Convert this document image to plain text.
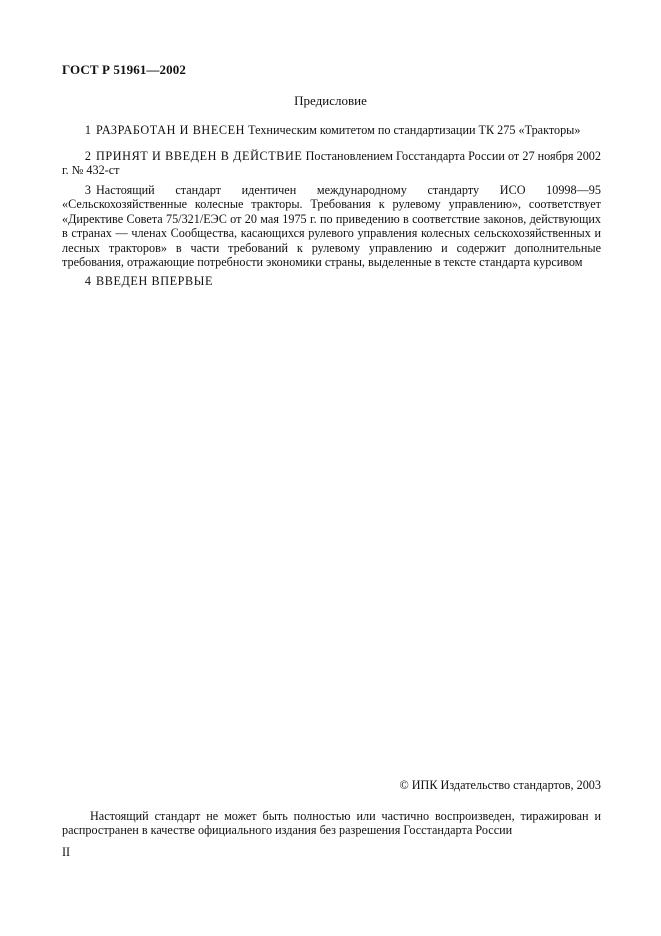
ГОСТ Р 51961—2002
Предисловие
1 РАЗРАБОТАН И ВНЕСЕН Техническим комитетом по стандартизации ТК 275 «Тракторы»
2 ПРИНЯТ И ВВЕДЕН В ДЕЙСТВИЕ Постановлением Госстандарта России от 27 ноября 2002 г. № 432-ст
3 Настоящий стандарт идентичен международному стандарту ИСО 10998—95 «Сельскохозяйственные колесные тракторы. Требования к рулевому управлению», соответствует «Директиве Совета 75/321/ЕЭС от 20 мая 1975 г. по приведению в соответствие законов, действующих в странах — членах Сообщества, касающихся рулевого управления колесных сельскохозяйственных и лесных тракторов» в части требований к рулевому управлению и содержит дополнительные требования, отражающие потребности экономики страны, выделенные в тексте стандарта курсивом
4 ВВЕДЕН ВПЕРВЫЕ
© ИПК Издательство стандартов, 2003
Настоящий стандарт не может быть полностью или частично воспроизведен, тиражирован и распространен в качестве официального издания без разрешения Госстандарта России
II
